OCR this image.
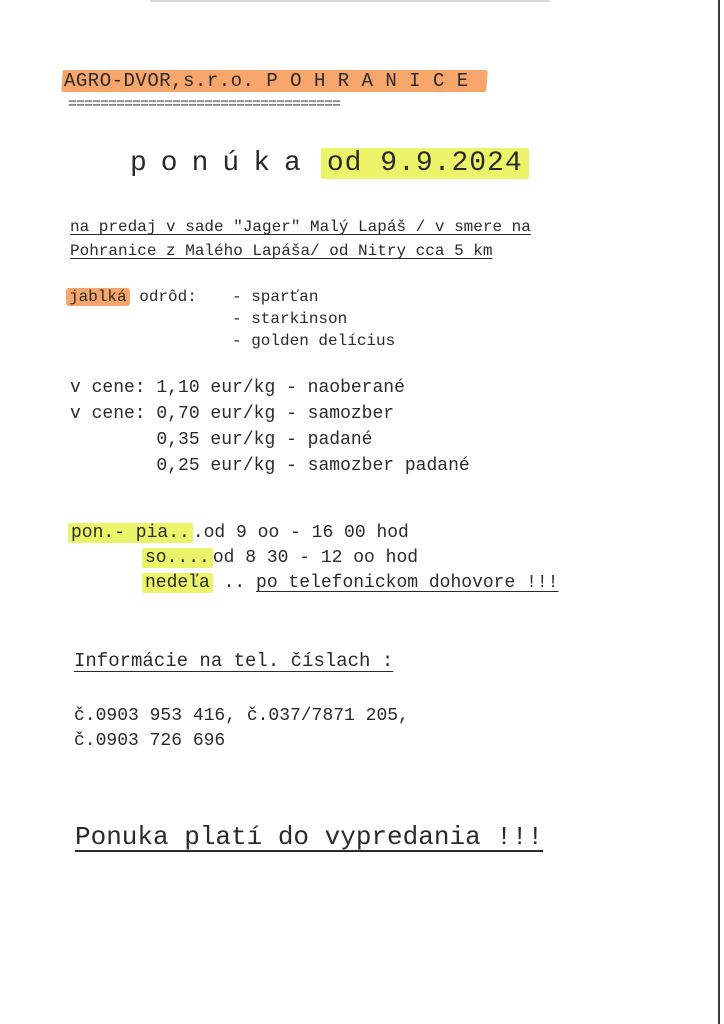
AGRO-DVOR,s.r.o. P O H R A N I C E
==================================
ponúka od 9.9.2024
na predaj v sade "Jager" Malý Lapáš / v smere na
Pohranice z Malého Lapáša/ od Nitry cca 5 km
jablká odrôd: - sparťan
- starkinson
- golden delícius
v cene: 1,10 eur/kg - naoberané
v cene: 0,70 eur/kg - samozber
0,35 eur/kg - padané
0,25 eur/kg - samozber padané
pon.- pia.. .od 9 oo - 16 00 hod
so.... od 8 30 - 12 oo hod
nedeľa .. po telefonickom dohovore !!!
Informácie na tel. číslach :
č.0903 953 416, č.037/7871 205,
č.0903 726 696
Ponuka platí do vypredania !!!
